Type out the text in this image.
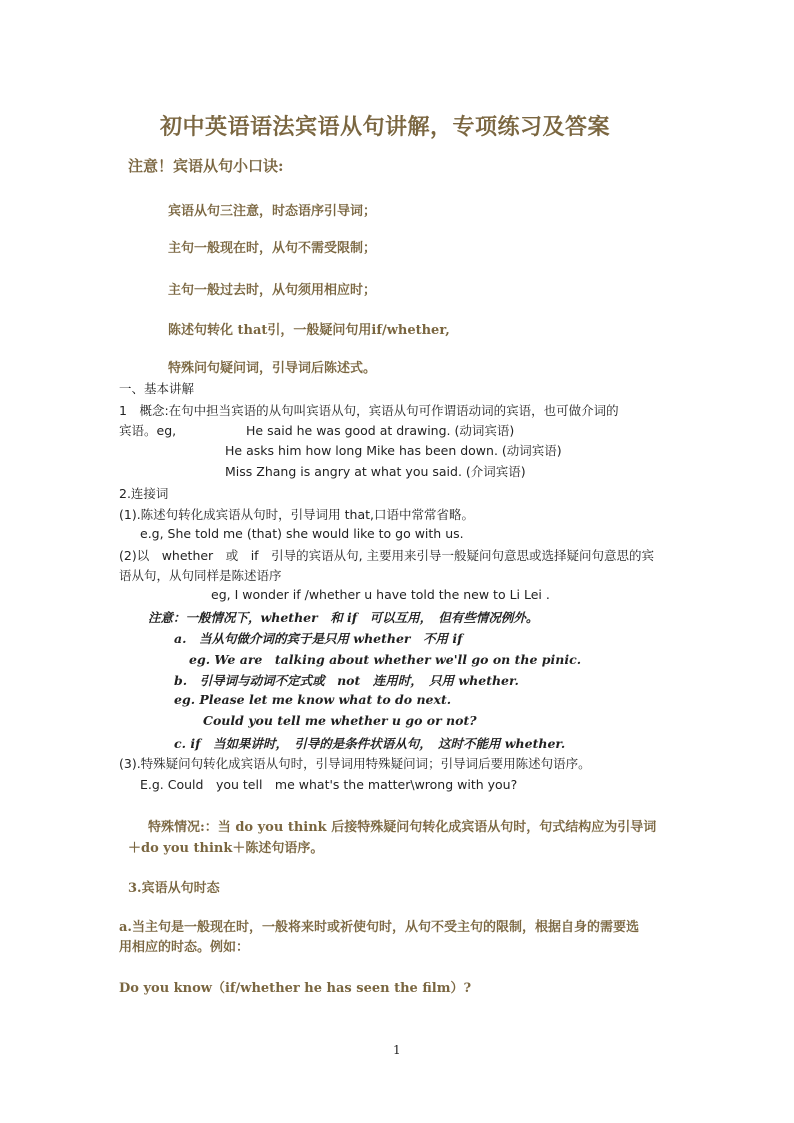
初中英语语法宾语从句讲解，专项练习及答案
注意！宾语从句小口诀:
宾语从句三注意，时态语序引导词；
主句一般现在时，从句不需受限制；
主句一般过去时，从句须用相应时；
陈述句转化 that引，一般疑问句用if/whether,
特殊问句疑问词，引导词后陈述式。
一、基本讲解
1　概念:在句中担当宾语的从句叫宾语从句，宾语从句可作谓语动词的宾语，也可做介词的
宾语。eg,	He said he was good at drawing. (动词宾语)
He asks him how long Mike has been down. (动词宾语)
Miss Zhang is angry at what you said. (介词宾语)
2.连接词
(1).陈述句转化成宾语从句时，引导词用 that,口语中常常省略。
e.g, She told me (that) she would like to go with us.
(2)以　whether　或　if　引导的宾语从句, 主要用来引导一般疑问句意思或选择疑问句意思的宾
语从句，从句同样是陈述语序
eg, I wonder if /whether u have told the new to Li Lei .
注意：一般情况下，whether　和 if　可以互用，　但有些情况例外。
a.　当从句做介词的宾于是只用 whether　不用 if
eg. We are　talking about whether we'll go on the pinic.
b.　引导词与动词不定式或　not　连用时，　只用 whether.
eg. Please let me know what to do next.
Could you tell me whether u go or not?
c. if　当如果讲时，　引导的是条件状语从句，　这时不能用 whether.
(3).特殊疑问句转化成宾语从句时，引导词用特殊疑问词；引导词后要用陈述句语序。
E.g. Could　you tell　me what's the matter\wrong with you?
特殊情况:：当 do you think 后接特殊疑问句转化成宾语从句时，句式结构应为引导词
＋do you think＋陈述句语序。
3.宾语从句时态
a.当主句是一般现在时，一般将来时或祈使句时，从句不受主句的限制，根据自身的需要选
用相应的时态。例如：
Do you know（if/whether he has seen the film）?
1
